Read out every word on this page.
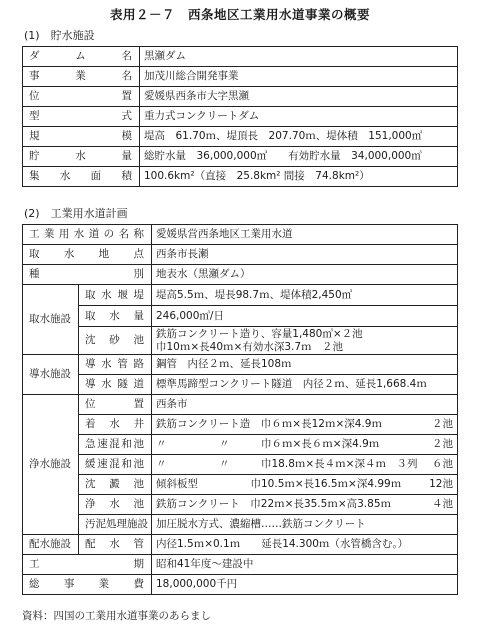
表用２－７　西条地区工業用水道事業の概要
(1)　貯水施設
ダム名	黒瀬ダム
事業名	加茂川総合開発事業
位置	愛媛県西条市大字黒瀬
型式	重力式コンクリートダム
規模	堤高　61.70ｍ、堤頂長　207.70ｍ、堤体積　151,000㎥
貯水量	総貯水量　36,000,000㎥　　有効貯水量　34,000,000㎥
集水面積	100.6km²（直接　25.8km² 間接　74.8km²）
(2)　工業用水道計画
工業用水道の名称		愛媛県営西条地区工業用水道
取水地点		西条市長瀬
種別		地表水（黒瀬ダム）
取水施設	取水堰堤	堤高5.5ｍ、堤長98.7ｍ、堤体積2,450㎥
	取水量	246,000㎥/日
	沈砂池	鉄筋コンクリート造り、容量1,480㎥×２池
巾10ｍ×長40ｍ×有効水深3.7ｍ　２池

導水施設	導水管路	鋼管　内径２ｍ、延長108ｍ
	導水隧道	標準馬蹄型コンクリート隧道　内径２ｍ、延長1,668.4ｍ
浄水施設	位置	西条市
	着水井	鉄筋コンクリート造　巾６ｍ×長12ｍ×深4.9ｍ ２池

	急速混和池	〃　　　　　〃　　　巾６ｍ×長６ｍ×深4.9ｍ ２池

	緩速混和池	〃　　　　　〃　　　巾18.8ｍ×長４ｍ×深４ｍ　３列 ６池

	沈澱池	傾斜板型　　　　　巾10.5ｍ×長16.5ｍ×深4.99ｍ 12池

	浄水池	鉄筋コンクリート　巾22ｍ×長35.5ｍ×高3.85ｍ ４池

	汚泥処理施設	加圧脱水方式、濃縮槽……鉄筋コンクリート
配水施設	配水管	内径1.5ｍ×0.1ｍ　　延長14.300ｍ（水管橋含む。）
工期		昭和41年度～建設中
総事業費		18,000,000千円
資料：四国の工業用水道事業のあらまし
